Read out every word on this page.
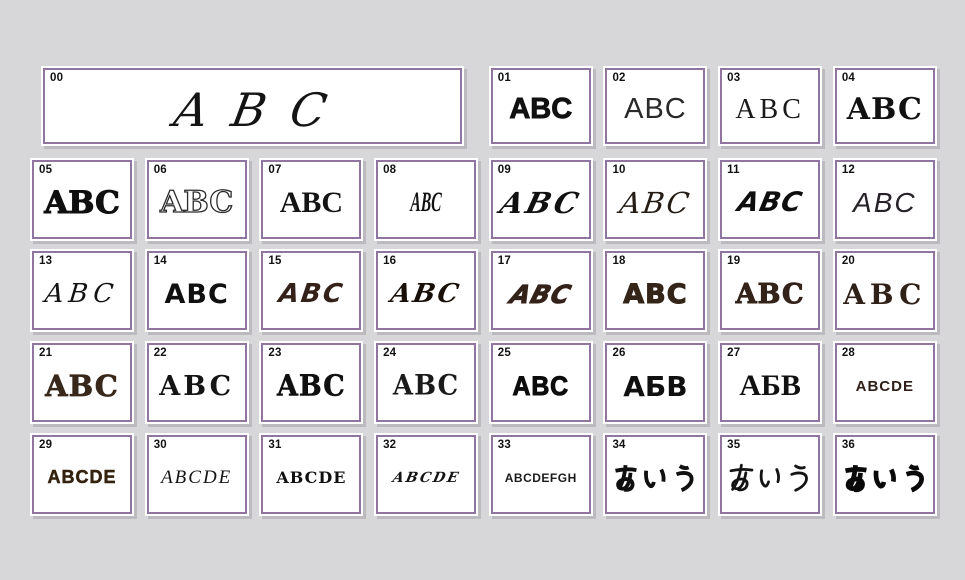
00
ABC
01
ABC
02
ABC
03
ABC
04
ABC
05
ABC
06
ABC
07
ABC
08
ABC
09
ABC
10
ABC
11
ABC
12
ABC
13
ABC
14
ABC
15
ABC
16
ABC
17
ABC
18
ABC
19
ABC
20
ABC
21
ABC
22
ABC
23
ABC
24
ABC
25
ABC
26
АБВ
27
АБВ
28
ABCDE
29
ABCDE
30
ABCDE
31
ABCDE
32
ABCDE
33
ABCDEFGH
34	35	36
